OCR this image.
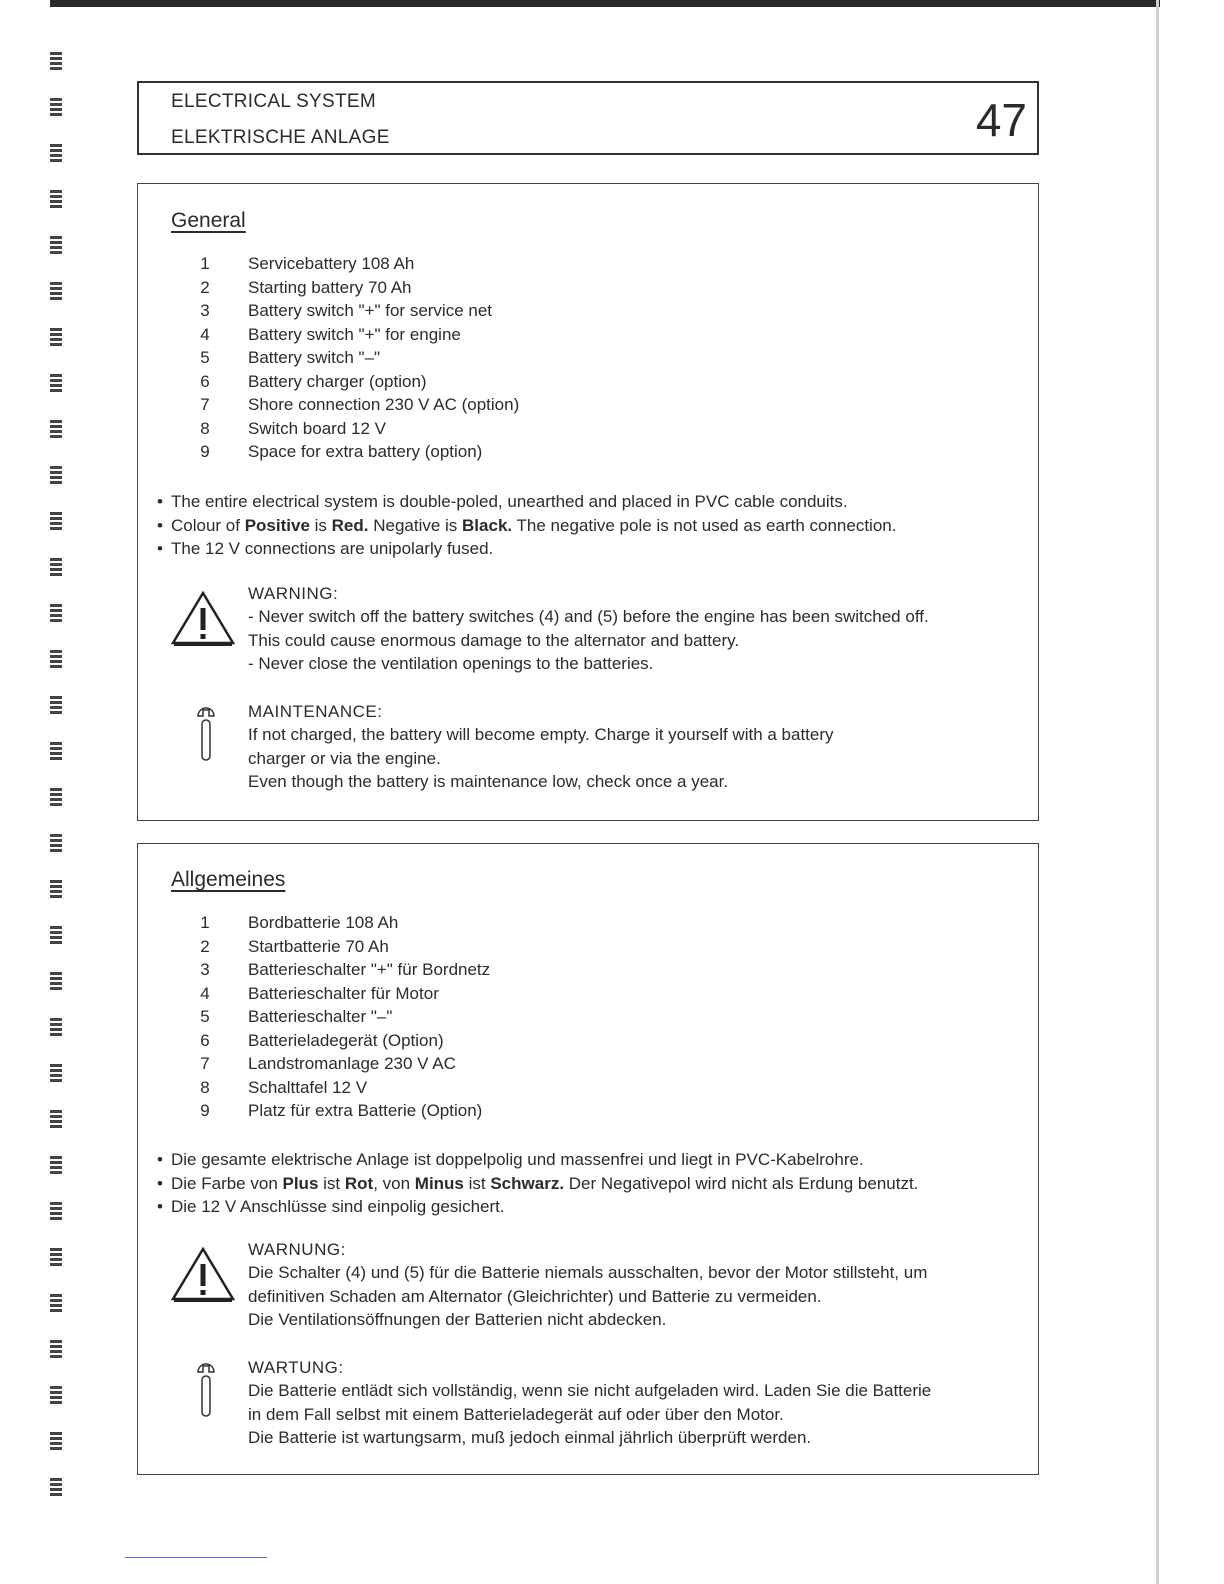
ELECTRICAL SYSTEM
ELEKTRISCHE ANLAGE	47
General
1 Servicebattery 108 Ah
2 Starting battery 70 Ah
3 Battery switch "+" for service net
4 Battery switch "+" for engine
5 Battery switch "–"
6 Battery charger (option)
7 Shore connection 230 V AC (option)
8 Switch board 12 V
9 Space for extra battery (option)
• The entire electrical system is double-poled, unearthed and placed in PVC cable conduits.
• Colour of Positive is Red. Negative is Black. The negative pole is not used as earth connection.
• The 12 V connections are unipolarly fused.
WARNING:
- Never switch off the battery switches (4) and (5) before the engine has been switched off.
This could cause enormous damage to the alternator and battery.
- Never close the ventilation openings to the batteries.
MAINTENANCE:
If not charged, the battery will become empty. Charge it yourself with a battery
charger or via the engine.
Even though the battery is maintenance low, check once a year.
Allgemeines
1 Bordbatterie 108 Ah
2 Startbatterie 70 Ah
3 Batterieschalter "+" für Bordnetz
4 Batterieschalter für Motor
5 Batterieschalter "–"
6 Batterieladegerät (Option)
7 Landstromanlage 230 V AC
8 Schalttafel 12 V
9 Platz für extra Batterie (Option)
• Die gesamte elektrische Anlage ist doppelpolig und massenfrei und liegt in PVC-Kabelrohre.
• Die Farbe von Plus ist Rot, von Minus ist Schwarz. Der Negativepol wird nicht als Erdung benutzt.
• Die 12 V Anschlüsse sind einpolig gesichert.
WARNUNG:
Die Schalter (4) und (5) für die Batterie niemals ausschalten, bevor der Motor stillsteht, um
definitiven Schaden am Alternator (Gleichrichter) und Batterie zu vermeiden.
Die Ventilationsöffnungen der Batterien nicht abdecken.
WARTUNG:
Die Batterie entlädt sich vollständig, wenn sie nicht aufgeladen wird. Laden Sie die Batterie
in dem Fall selbst mit einem Batterieladegerät auf oder über den Motor.
Die Batterie ist wartungsarm, muß jedoch einmal jährlich überprüft werden.
